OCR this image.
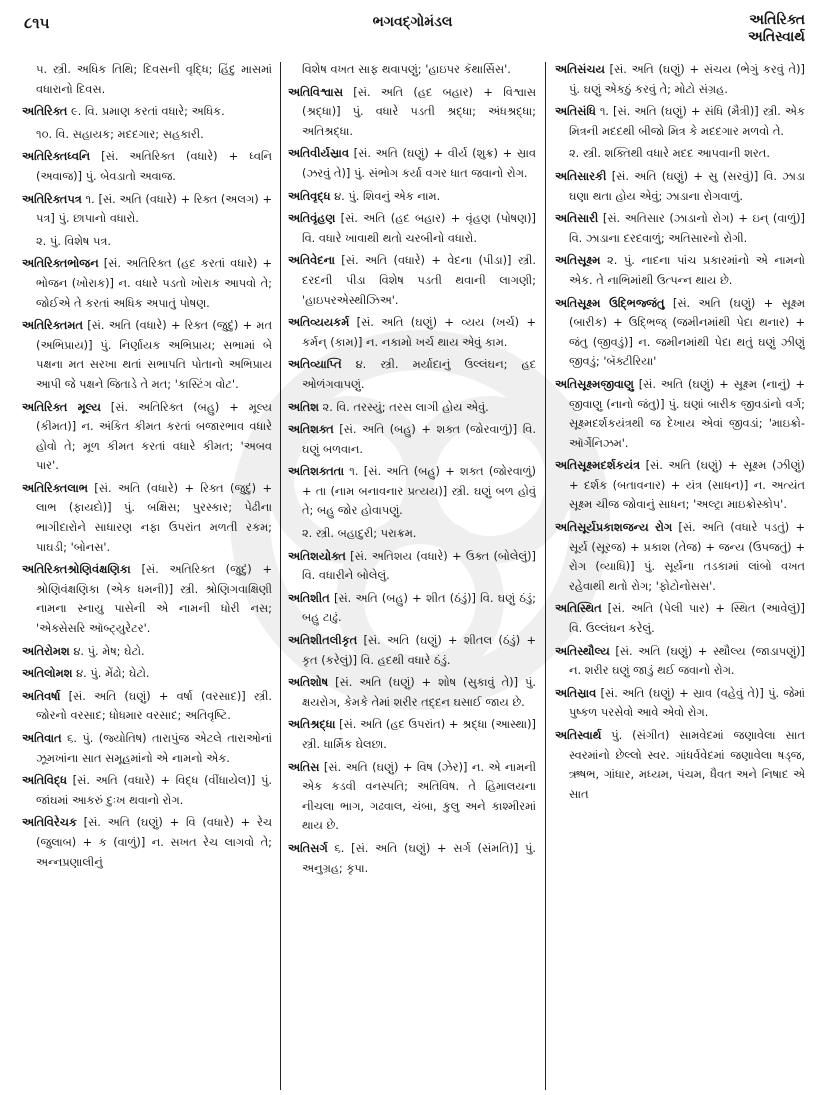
૮૧૫	ભગવદ્ગોમંડલ	અતિરિક્ત
અતિસ્વાર્થ

૫. સ્ત્રી. અધિક તિથિ; દિવસની વૃદ્ધિ; હિંદુ માસમાં વધારાનો દિવસ.

અતિરિક્ત ૯. વિ. પ્રમાણ કરતાં વધારે; અધિક.

૧૦. વિ. સહાયક; મદદગાર; સહકારી.

અતિરિક્તધ્વનિ [સં. અતિરિક્ત (વધારે) + ધ્વનિ (અવાજ)] પું. બેવડાતો અવાજ.

અતિરિક્તપત્ર ૧. [સં. અતિ (વધારે) + રિક્ત (અલગ) + પત્ર] પું. છાપાનો વધારો.

૨. પું. વિશેષ પત્ર.

અતિરિક્તભોજન [સં. અતિરિક્ત (હદ કરતાં વધારે) + ભોજન (ખોરાક)] ન. વધારે પડતો ખોરાક આપવો તે; જોઈએ તે કરતાં અધિક અપાતું પોષણ.

અતિરિક્તમત [સં. અતિ (વધારે) + રિક્ત (જુદું) + મત (અભિપ્રાય)] પું. નિર્ણાયક અભિપ્રાય; સભામાં બે પક્ષના મત સરખા થતાં સભાપતિ પોતાનો અભિપ્રાય આપી જે પક્ષને જિતાડે તે મત; 'કાસ્ટિંગ વોટ'.

અતિરિક્ત મૂલ્ય [સં. અતિરિક્ત (બહુ) + મૂલ્ય (કીમત)] ન. અંકિત કીમત કરતાં બજારભાવ વધારે હોવો તે; મૂળ કીમત કરતાં વધારે કીમત; 'અબવ પાર'.

અતિરિક્તલાભ [સં. અતિ (વધારે) + રિક્ત (જુદું) + લાભ (ફાયદો)] પું. બક્ષિસ; પુરસ્કાર; પેઢીના ભાગીદારોને સાધારણ નફા ઉપરાંત મળતી રકમ; પાઘડી; 'બોનસ'.

અતિરિક્તશ્રોણિવંક્ષણિકા [સં. અતિરિક્ત (જુદું) + શ્રોણિવંક્ષણિકા (એક ધમની)] સ્ત્રી. શ્રોણિગવાક્ષિણી નામના સ્નાયુ પાસેની એ નામની ધોરી નસ; 'એક્સેસરિ ઑબ્ટ્યુરેટર'.

અતિરોમશ ૪. પું. મેષ; ઘેટો.

અતિલોમશ ૪. પું. મેંઢો; ઘેટો.

અતિવર્ષા [સં. અતિ (ઘણું) + વર્ષા (વરસાદ)] સ્ત્રી. જોરનો વરસાદ; ધોધમાર વરસાદ; અતિવૃષ્ટિ.

અતિવાત ૬. પું. (જ્યોતિષ) તારાપુંજ એટલે તારાઓનાં ઝૂમખાંના સાત સમૂહમાંનો એ નામનો એક.

અતિવિદ્ધ [સં. અતિ (વધારે) + વિદ્ધ (વીંધાયેલ)] પું. જાંઘમાં આકરું દુઃખ થવાનો રોગ.

અતિવિરેચક [સં. અતિ (ઘણું) + વિ (વધારે) + રેચ (જુલાબ) + ક (વાળું)] ન. સખત રેચ લાગવો તે; અન્નપ્રણાલીનું

વિશેષ વખત સાફ થવાપણું; 'હાઇપર કૅથાર્સિસ'.

અતિવિશ્વાસ [સં. અતિ (હદ બહાર) + વિશ્વાસ (શ્રદ્ધા)] પું. વધારે પડતી શ્રદ્ધા; અંધશ્રદ્ધા; અતિશ્રદ્ધા.

અતિવીર્યસ્રાવ [સં. અતિ (ઘણું) + વીર્ય (શુક્ર) + સ્રાવ (ઝરવું તે)] પું. સંભોગ કર્યા વગર ધાત જવાનો રોગ.

અતિવૃદ્ધ ૪. પું. શિવનું એક નામ.

અતિવૃંહણ [સં. અતિ (હદ બહાર) + વૃંહણ (પોષણ)] વિ. વધારે ખાવાથી થતો ચરબીનો વધારો.

અતિવેદના [સં. અતિ (વધારે) + વેદના (પીડા)] સ્ત્રી. દરદની પીડા વિશેષ પડતી થવાની લાગણી; 'હાઇપરએસ્થીઝિઅ'.

અતિવ્યયકર્મ [સં. અતિ (ઘણું) + વ્યય (ખર્ચ) + કર્મન્ (કામ)] ન. નકામો ખર્ચ થાય એવું કામ.

અતિવ્યાપ્તિ ૪. સ્ત્રી. મર્યાદાનું ઉલ્લંઘન; હદ ઓળંગવાપણું.

અતિશ ૨. વિ. તરસ્યું; તરસ લાગી હોય એવું.

અતિશક્ત [સં. અતિ (બહુ) + શક્ત (જોરવાળું)] વિ. ઘણું બળવાન.

અતિશક્તતા ૧. [સં. અતિ (બહુ) + શક્ત (જોરવાળું) + તા (નામ બનાવનાર પ્રત્યય)] સ્ત્રી. ઘણું બળ હોવું તે; બહુ જોર હોવાપણું.

૨. સ્ત્રી. બહાદુરી; પરાક્રમ.

અતિશયોક્ત [સં. અતિશય (વધારે) + ઉક્ત (બોલેલું)] વિ. વધારીને બોલેલું.

અતિશીત [સં. અતિ (બહુ) + શીત (ઠંડું)] વિ. ઘણું ઠંડું; બહુ ટાઢું.

અતિશીતલીકૃત [સં. અતિ (ઘણું) + શીતલ (ઠંડું) + કૃત (કરેલું)] વિ. હદથી વધારે ઠંડું.

અતિશોષ [સં. અતિ (ઘણું) + શોષ (સુકાવું તે)] પું. ક્ષયરોગ, કેમકે તેમાં શરીર તદ્દન ઘસાઈ જાય છે.

અતિશ્રદ્ધા [સં. અતિ (હદ ઉપરાંત) + શ્રદ્ધા (આસ્થા)] સ્ત્રી. ધાર્મિક ઘેલછા.

અતિસ [સં. અતિ (ઘણું) + વિષ (ઝેર)] ન. એ નામની એક કડવી વનસ્પતિ; અતિવિષ. તે હિમાલયના નીચલા ભાગ, ગઢવાલ, ચંબા, કુલુ અને કાશ્મીરમાં થાય છે.

અતિસર્ગ ૬. [સં. અતિ (ઘણું) + સર્ગ (સંમતિ)] પું. અનુગ્રહ; કૃપા.

અતિસંચય [સં. અતિ (ઘણું) + સંચય (ભેગું કરવું તે)] પું. ઘણું એકઠું કરવું તે; મોટો સંગ્રહ.

અતિસંધિ ૧. [સં. અતિ (ઘણું) + સંધિ (મૈત્રી)] સ્ત્રી. એક મિત્રની મદદથી બીજો મિત્ર કે મદદગાર મળવો તે.

૨. સ્ત્રી. શક્તિથી વધારે મદદ આપવાની શરત.

અતિસારકી [સં. અતિ (ઘણું) + સુ (સરવું)] વિ. ઝાડા ઘણા થતા હોય એવું; ઝાડાના રોગવાળું.

અતિસારી [સં. અતિસાર (ઝાડાનો રોગ) + ઇન્ (વાળું)] વિ. ઝાડાના દરદવાળું; અતિસારનો રોગી.

અતિસૂક્ષ્મ ૨. પું. નાદના પાંચ પ્રકારમાંનો એ નામનો એક. તે નાભિમાંથી ઉત્પન્ન થાય છે.

અતિસૂક્ષ્મ ઉદ્ભિજ્જંતુ [સં. અતિ (ઘણું) + સૂક્ષ્મ (બારીક) + ઉદ્ભિજ્ (જમીનમાંથી પેદા થનાર) + જંતુ (જીવડું)] ન. જમીનમાંથી પેદા થતું ઘણું ઝીણું જીવડું; 'બૅક્ટીરિયા'

અતિસૂક્ષ્મજીવાણુ [સં. અતિ (ઘણું) + સૂક્ષ્મ (નાનું) + જીવાણુ (નાનો જંતુ)] પું. ઘણાં બારીક જીવડાંનો વર્ગ; સૂક્ષ્મદર્શકયંત્રથી જ દેખાય એવાં જીવડાં; 'માઇક્રો-ઑર્ગેનિઝમ'.

અતિસૂક્ષ્મદર્શકયંત્ર [સં. અતિ (ઘણું) + સૂક્ષ્મ (ઝીણું) + દર્શક (બતાવનાર) + યંત્ર (સાધન)] ન. અત્યંત સૂક્ષ્મ ચીજ જોવાનું સાધન; 'અલ્ટ્રા માઇક્રોસ્કોપ'.

અતિસૂર્યપ્રકાશજન્ય રોગ [સં. અતિ (વધારે પડતું) + સૂર્ય (સૂરજ) + પ્રકાશ (તેજ) + જન્ય (ઉપજતું) + રોગ (વ્યાધિ)] પું. સૂર્યના તડકામાં લાંબો વખત રહેવાથી થતો રોગ; 'ફોટોનોસસ'.

અતિસ્થિત [સં. અતિ (પેલી પાર) + સ્થિત (આવેલું)] વિ. ઉલ્લંઘન કરેલું.

અતિસ્થૌલ્ય [સં. અતિ (ઘણું) + સ્થૌલ્ય (જાડાપણું)] ન. શરીર ઘણું જાડું થઈ જવાનો રોગ.

અતિસ્રાવ [સં. અતિ (ઘણું) + સ્રાવ (વહેવું તે)] પું. જેમાં પુષ્કળ પરસેવો આવે એવો રોગ.

અતિસ્વાર્થ પું. (સંગીત) સામવેદમાં જણાવેલા સાત સ્વરમાંનો છેલ્લો સ્વર. ગાંધર્વવેદમાં જણાવેલા ષડ્જ, ઋષભ, ગાંધાર, મધ્યમ, પંચમ, ધૈવત અને નિષાદ એ સાત
